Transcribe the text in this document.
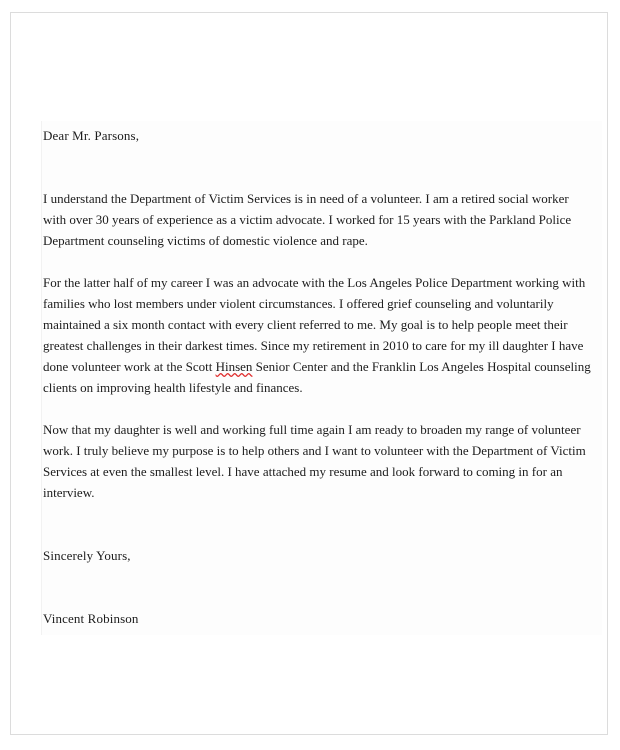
Dear Mr. Parsons,

I understand the Department of Victim Services is in need of a volunteer. I am a retired social worker with over 30 years of experience as a victim advocate. I worked for 15 years with the Parkland Police Department counseling victims of domestic violence and rape.

For the latter half of my career I was an advocate with the Los Angeles Police Department working with families who lost members under violent circumstances. I offered grief counseling and voluntarily maintained a six month contact with every client referred to me. My goal is to help people meet their greatest challenges in their darkest times. Since my retirement in 2010 to care for my ill daughter I have done volunteer work at the Scott Hinsen Senior Center and the Franklin Los Angeles Hospital counseling clients on improving health lifestyle and finances.

Now that my daughter is well and working full time again I am ready to broaden my range of volunteer work. I truly believe my purpose is to help others and I want to volunteer with the Department of Victim Services at even the smallest level. I have attached my resume and look forward to coming in for an interview.

Sincerely Yours,
Vincent Robinson
